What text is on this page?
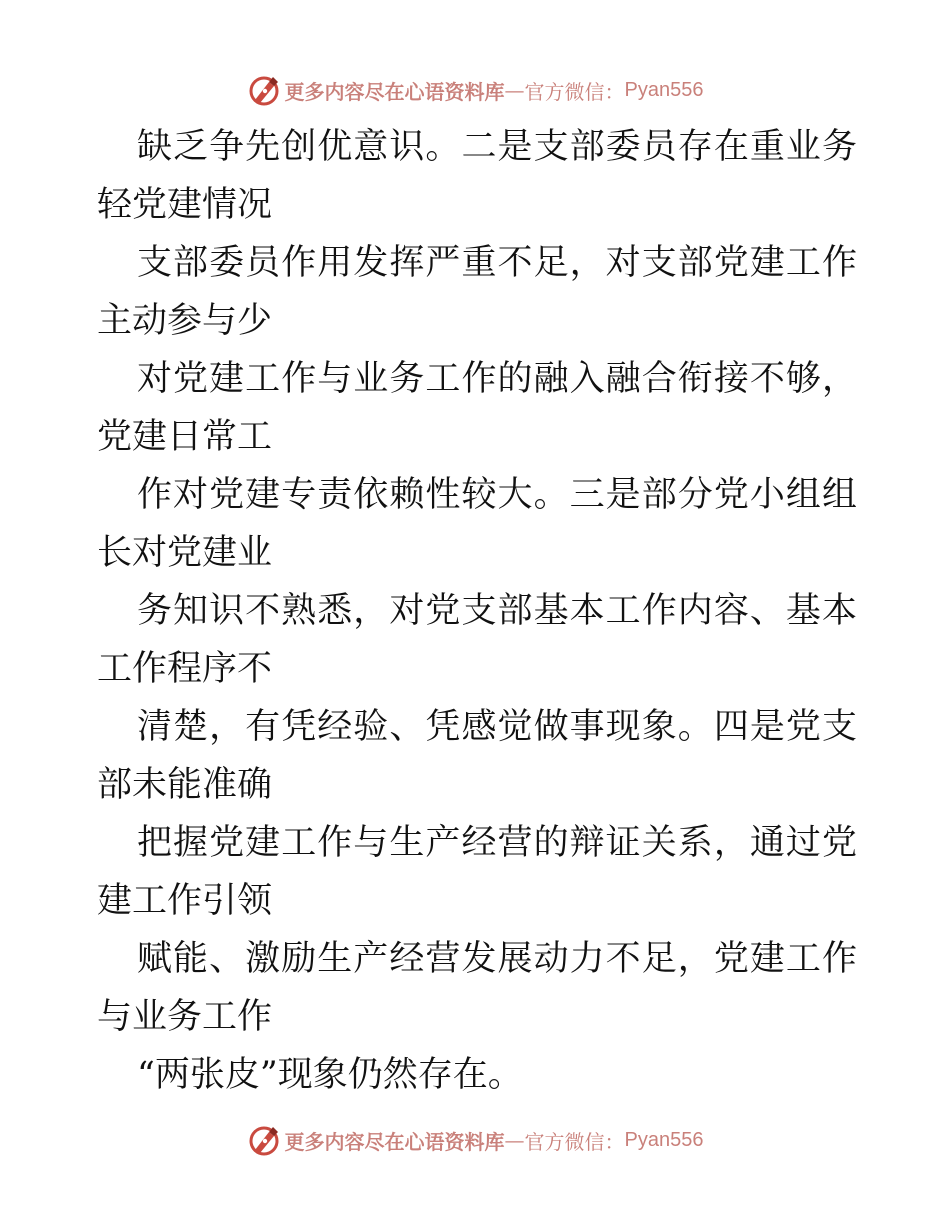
更多内容尽在心语资料库 — 官方微信： Pyan556

缺乏争先创优意识。二是支部委员存在重业务轻党建情况

支部委员作用发挥严重不足，对支部党建工作主动参与少

对党建工作与业务工作的融入融合衔接不够，党建日常工

作对党建专责依赖性较大。三是部分党小组组长对党建业

务知识不熟悉，对党支部基本工作内容、基本工作程序不

清楚，有凭经验、凭感觉做事现象。四是党支部未能准确

把握党建工作与生产经营的辩证关系，通过党建工作引领

赋能、激励生产经营发展动力不足，党建工作与业务工作

“两张皮”现象仍然存在。

更多内容尽在心语资料库 — 官方微信： Pyan556
